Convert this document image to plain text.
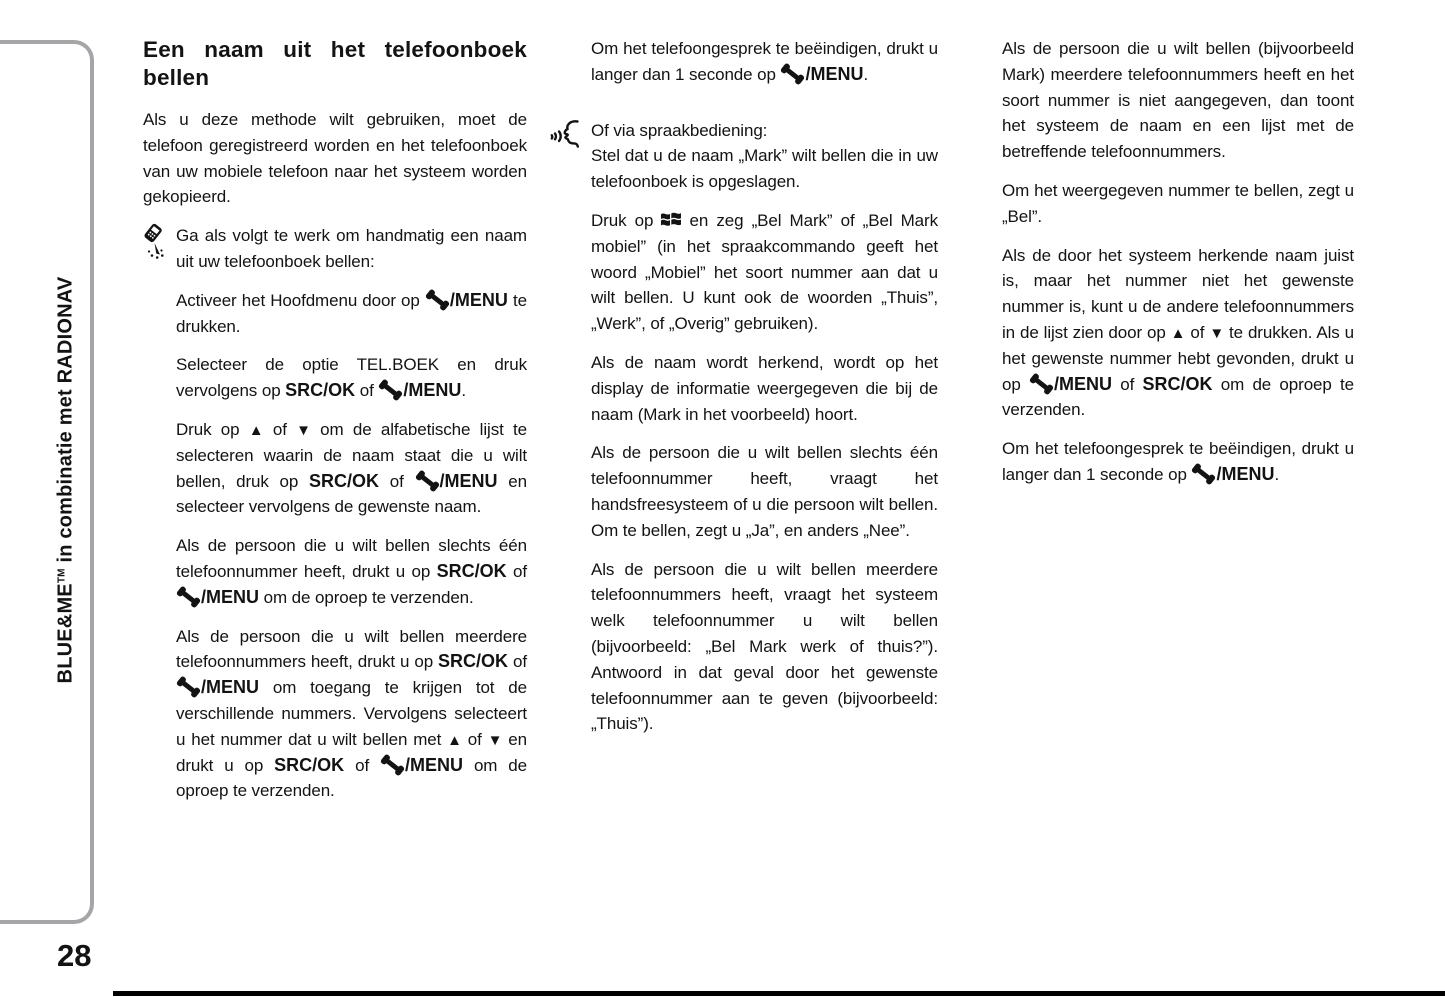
BLUE&ME™ in combinatie met RADIONAV
28
Een naam uit het telefoonboek bellen

Als u deze methode wilt gebruiken, moet de telefoon geregistreerd worden en het telefoonboek van uw mobiele telefoon naar het systeem worden gekopieerd.

Ga als volgt te werk om handmatig een naam uit uw telefoonboek bellen:

Activeer het Hoofdmenu door op
/MENU te drukken.

Selecteer de optie TEL.BOEK en druk vervolgens op SRC/OK of
/MENU.

Druk op ▲ of ▼ om de alfabetische lijst te selecteren waarin de naam staat die u wilt bellen, druk op SRC/OK of
/MENU en selecteer vervolgens de gewenste naam.

Als de persoon die u wilt bellen slechts één telefoonnummer heeft, drukt u op SRC/OK of
/MENU om de oproep te verzenden.

Als de persoon die u wilt bellen meerdere telefoonnummers heeft, drukt u op SRC/OK of
/MENU om toegang te krijgen tot de verschillende nummers. Vervolgens selecteert u het nummer dat u wilt bellen met ▲ of ▼ en drukt u op SRC/OK of
/MENU om de oproep te verzenden.

Om het telefoongesprek te beëindigen, drukt u langer dan 1 seconde op
/MENU.

Of via spraakbediening:
Stel dat u de naam „Mark” wilt bellen die in uw telefoonboek is opgeslagen.

Druk op
en zeg „Bel Mark” of „Bel Mark mobiel” (in het spraakcommando geeft het woord „Mobiel” het soort nummer aan dat u wilt bellen. U kunt ook de woorden „Thuis”, „Werk”, of „Overig” gebruiken).

Als de naam wordt herkend, wordt op het display de informatie weergegeven die bij de naam (Mark in het voorbeeld) hoort.

Als de persoon die u wilt bellen slechts één telefoonnummer heeft, vraagt het handsfreesysteem of u die persoon wilt bellen. Om te bellen, zegt u „Ja”, en anders „Nee”.

Als de persoon die u wilt bellen meerdere telefoonnummers heeft, vraagt het systeem welk telefoonnummer u wilt bellen (bijvoorbeeld: „Bel Mark werk of thuis?”). Antwoord in dat geval door het gewenste telefoonnummer aan te geven (bijvoorbeeld: „Thuis”).

Als de persoon die u wilt bellen (bijvoorbeeld Mark) meerdere telefoonnummers heeft en het soort nummer is niet aangegeven, dan toont het systeem de naam en een lijst met de betreffende telefoonnummers.

Om het weergegeven nummer te bellen, zegt u „Bel”.

Als de door het systeem herkende naam juist is, maar het nummer niet het gewenste nummer is, kunt u de andere telefoonnummers in de lijst zien door op ▲ of ▼ te drukken. Als u het gewenste nummer hebt gevonden, drukt u op
/MENU of SRC/OK om de oproep te verzenden.

Om het telefoongesprek te beëindigen, drukt u langer dan 1 seconde op
/MENU.
